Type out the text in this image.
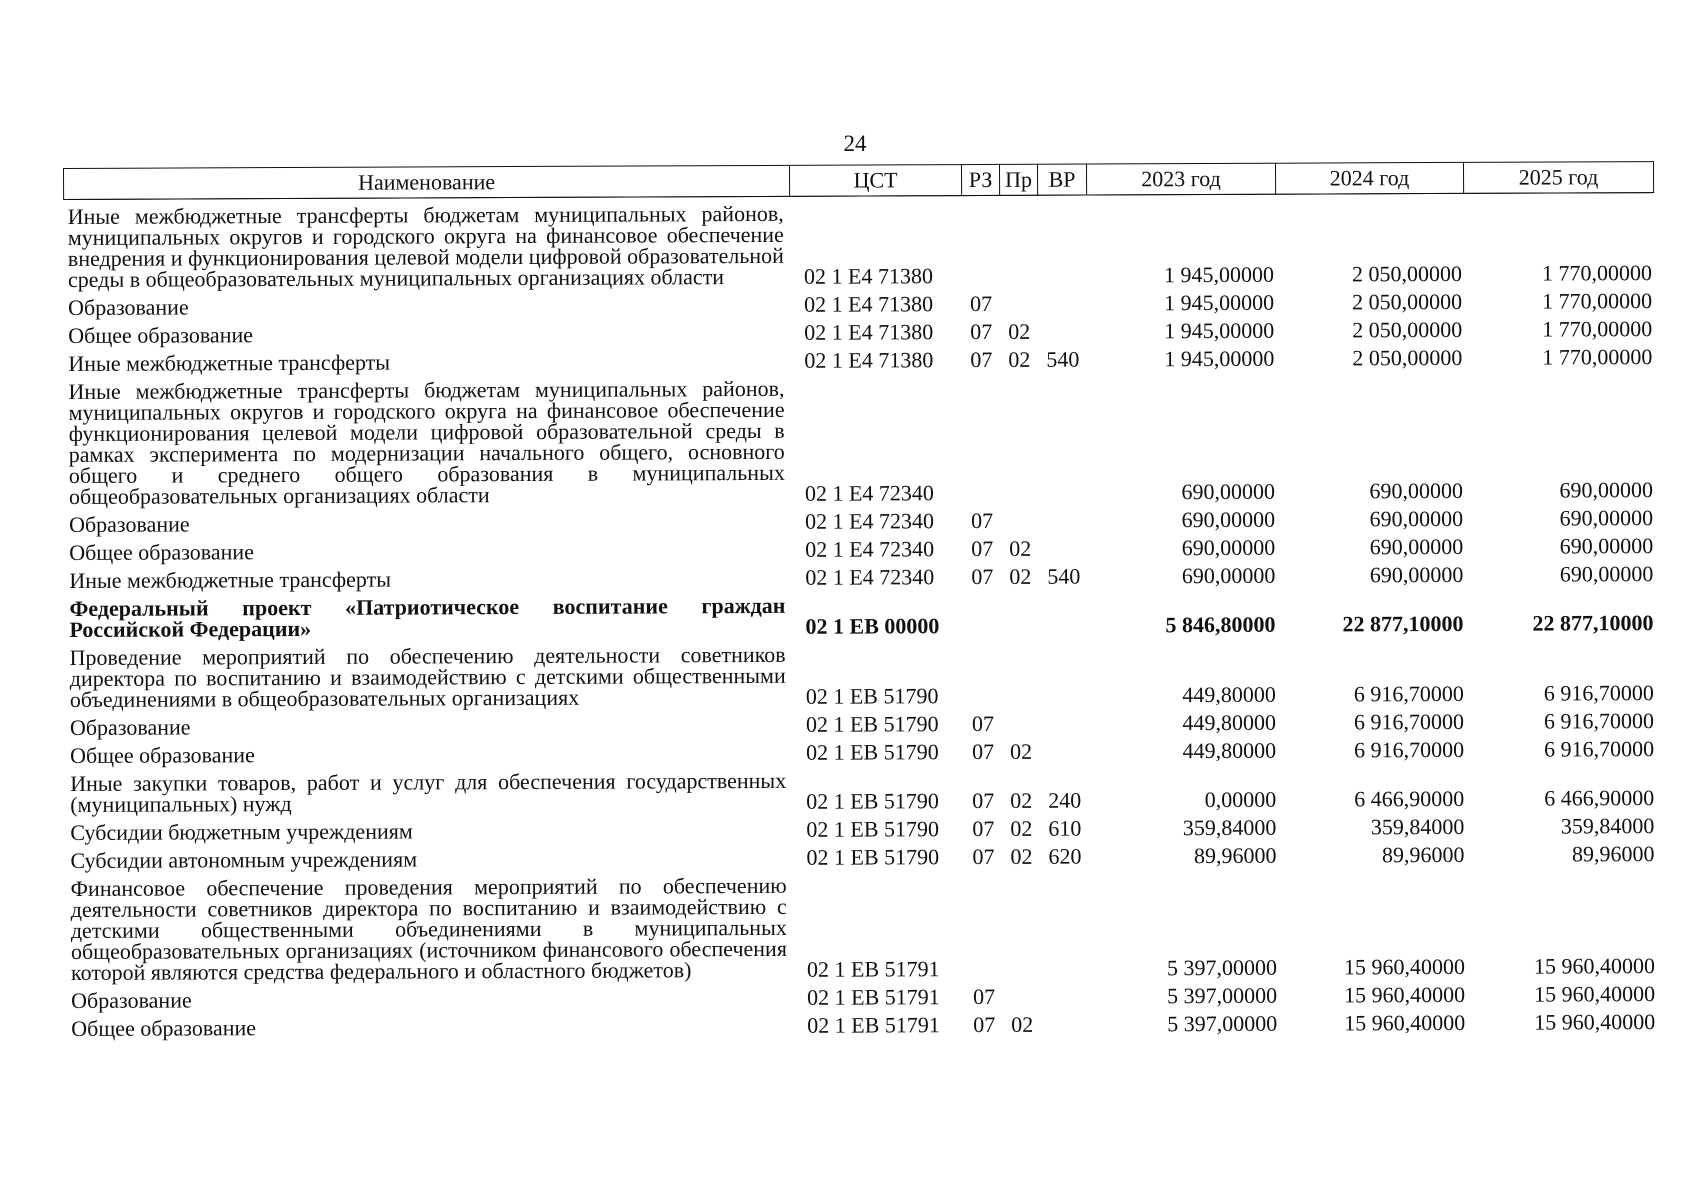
24
Наименование	ЦСТ	РЗ	Пр	ВР	2023 год	2024 год	2025 год
Иные межбюджетные трансферты бюджетам муниципальных районов, муниципальных округов и городского округа на финансовое обеспечение внедрения и функционирования целевой модели цифровой образовательной среды в общеобразовательных муниципальных организациях области	02 1 E4 71380				1 945,00000	2 050,00000	1 770,00000
Образование	02 1 E4 71380	07			1 945,00000	2 050,00000	1 770,00000
Общее образование	02 1 E4 71380	07	02		1 945,00000	2 050,00000	1 770,00000
Иные межбюджетные трансферты	02 1 E4 71380	07	02	540	1 945,00000	2 050,00000	1 770,00000
Иные межбюджетные трансферты бюджетам муниципальных районов, муниципальных округов и городского округа на финансовое обеспечение функционирования целевой модели цифровой образовательной среды в рамках эксперимента по модернизации начального общего, основного общего и среднего общего образования в муниципальных общеобразовательных организациях области	02 1 E4 72340				690,00000	690,00000	690,00000
Образование	02 1 E4 72340	07			690,00000	690,00000	690,00000
Общее образование	02 1 E4 72340	07	02		690,00000	690,00000	690,00000
Иные межбюджетные трансферты	02 1 E4 72340	07	02	540	690,00000	690,00000	690,00000
Федеральный проект «Патриотическое воспитание граждан Российской Федерации»	02 1 EB 00000				5 846,80000	22 877,10000	22 877,10000
Проведение мероприятий по обеспечению деятельности советников директора по воспитанию и взаимодействию с детскими общественными объединениями в общеобразовательных организациях	02 1 EB 51790				449,80000	6 916,70000	6 916,70000
Образование	02 1 EB 51790	07			449,80000	6 916,70000	6 916,70000
Общее образование	02 1 EB 51790	07	02		449,80000	6 916,70000	6 916,70000
Иные закупки товаров, работ и услуг для обеспечения государственных (муниципальных) нужд	02 1 EB 51790	07	02	240	0,00000	6 466,90000	6 466,90000
Субсидии бюджетным учреждениям	02 1 EB 51790	07	02	610	359,84000	359,84000	359,84000
Субсидии автономным учреждениям	02 1 EB 51790	07	02	620	89,96000	89,96000	89,96000
Финансовое обеспечение проведения мероприятий по обеспечению деятельности советников директора по воспитанию и взаимодействию с детскими общественными объединениями в муниципальных общеобразовательных организациях (источником финансового обеспечения которой являются средства федерального и областного бюджетов)	02 1 EB 51791				5 397,00000	15 960,40000	15 960,40000
Образование	02 1 EB 51791	07			5 397,00000	15 960,40000	15 960,40000
Общее образование	02 1 EB 51791	07	02		5 397,00000	15 960,40000	15 960,40000
